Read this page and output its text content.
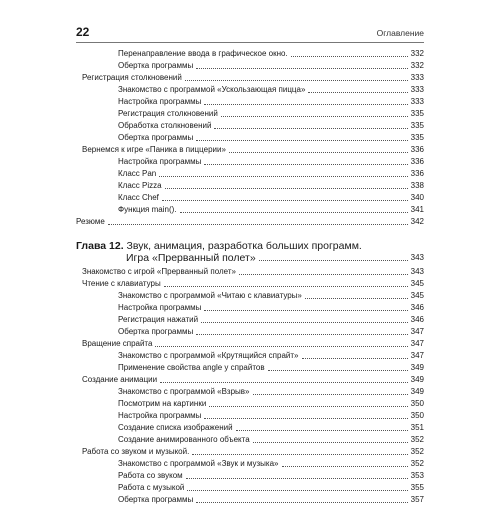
22	Оглавление
Перенаправление ввода в графическое окно.	332
Обертка программы	332
Регистрация столкновений	333
Знакомство с программой «Ускользающая пицца»	333
Настройка программы	333
Регистрация столкновений	335
Обработка столкновений	335
Обертка программы	335
Вернемся к игре «Паника в пиццерии»	336
Настройка программы	336
Класс Pan	336
Класс Pizza	338
Класс Chef	340
Функция main().	341
Резюме	342
Глава 12. Звук, анимация, разработка больших программ.
Игра «Прерванный полет»	343
Знакомство с игрой «Прерванный полет»	343
Чтение с клавиатуры	345
Знакомство с программой «Читаю с клавиатуры»	345
Настройка программы	346
Регистрация нажатий	346
Обертка программы	347
Вращение спрайта	347
Знакомство с программой «Крутящийся спрайт»	347
Применение свойства angle у спрайтов	349
Создание анимации	349
Знакомство с программой «Взрыв»	349
Посмотрим на картинки	350
Настройка программы	350
Создание списка изображений	351
Создание анимированного объекта	352
Работа со звуком и музыкой.	352
Знакомство с программой «Звук и музыка»	352
Работа со звуком	353
Работа с музыкой	355
Обертка программы	357
